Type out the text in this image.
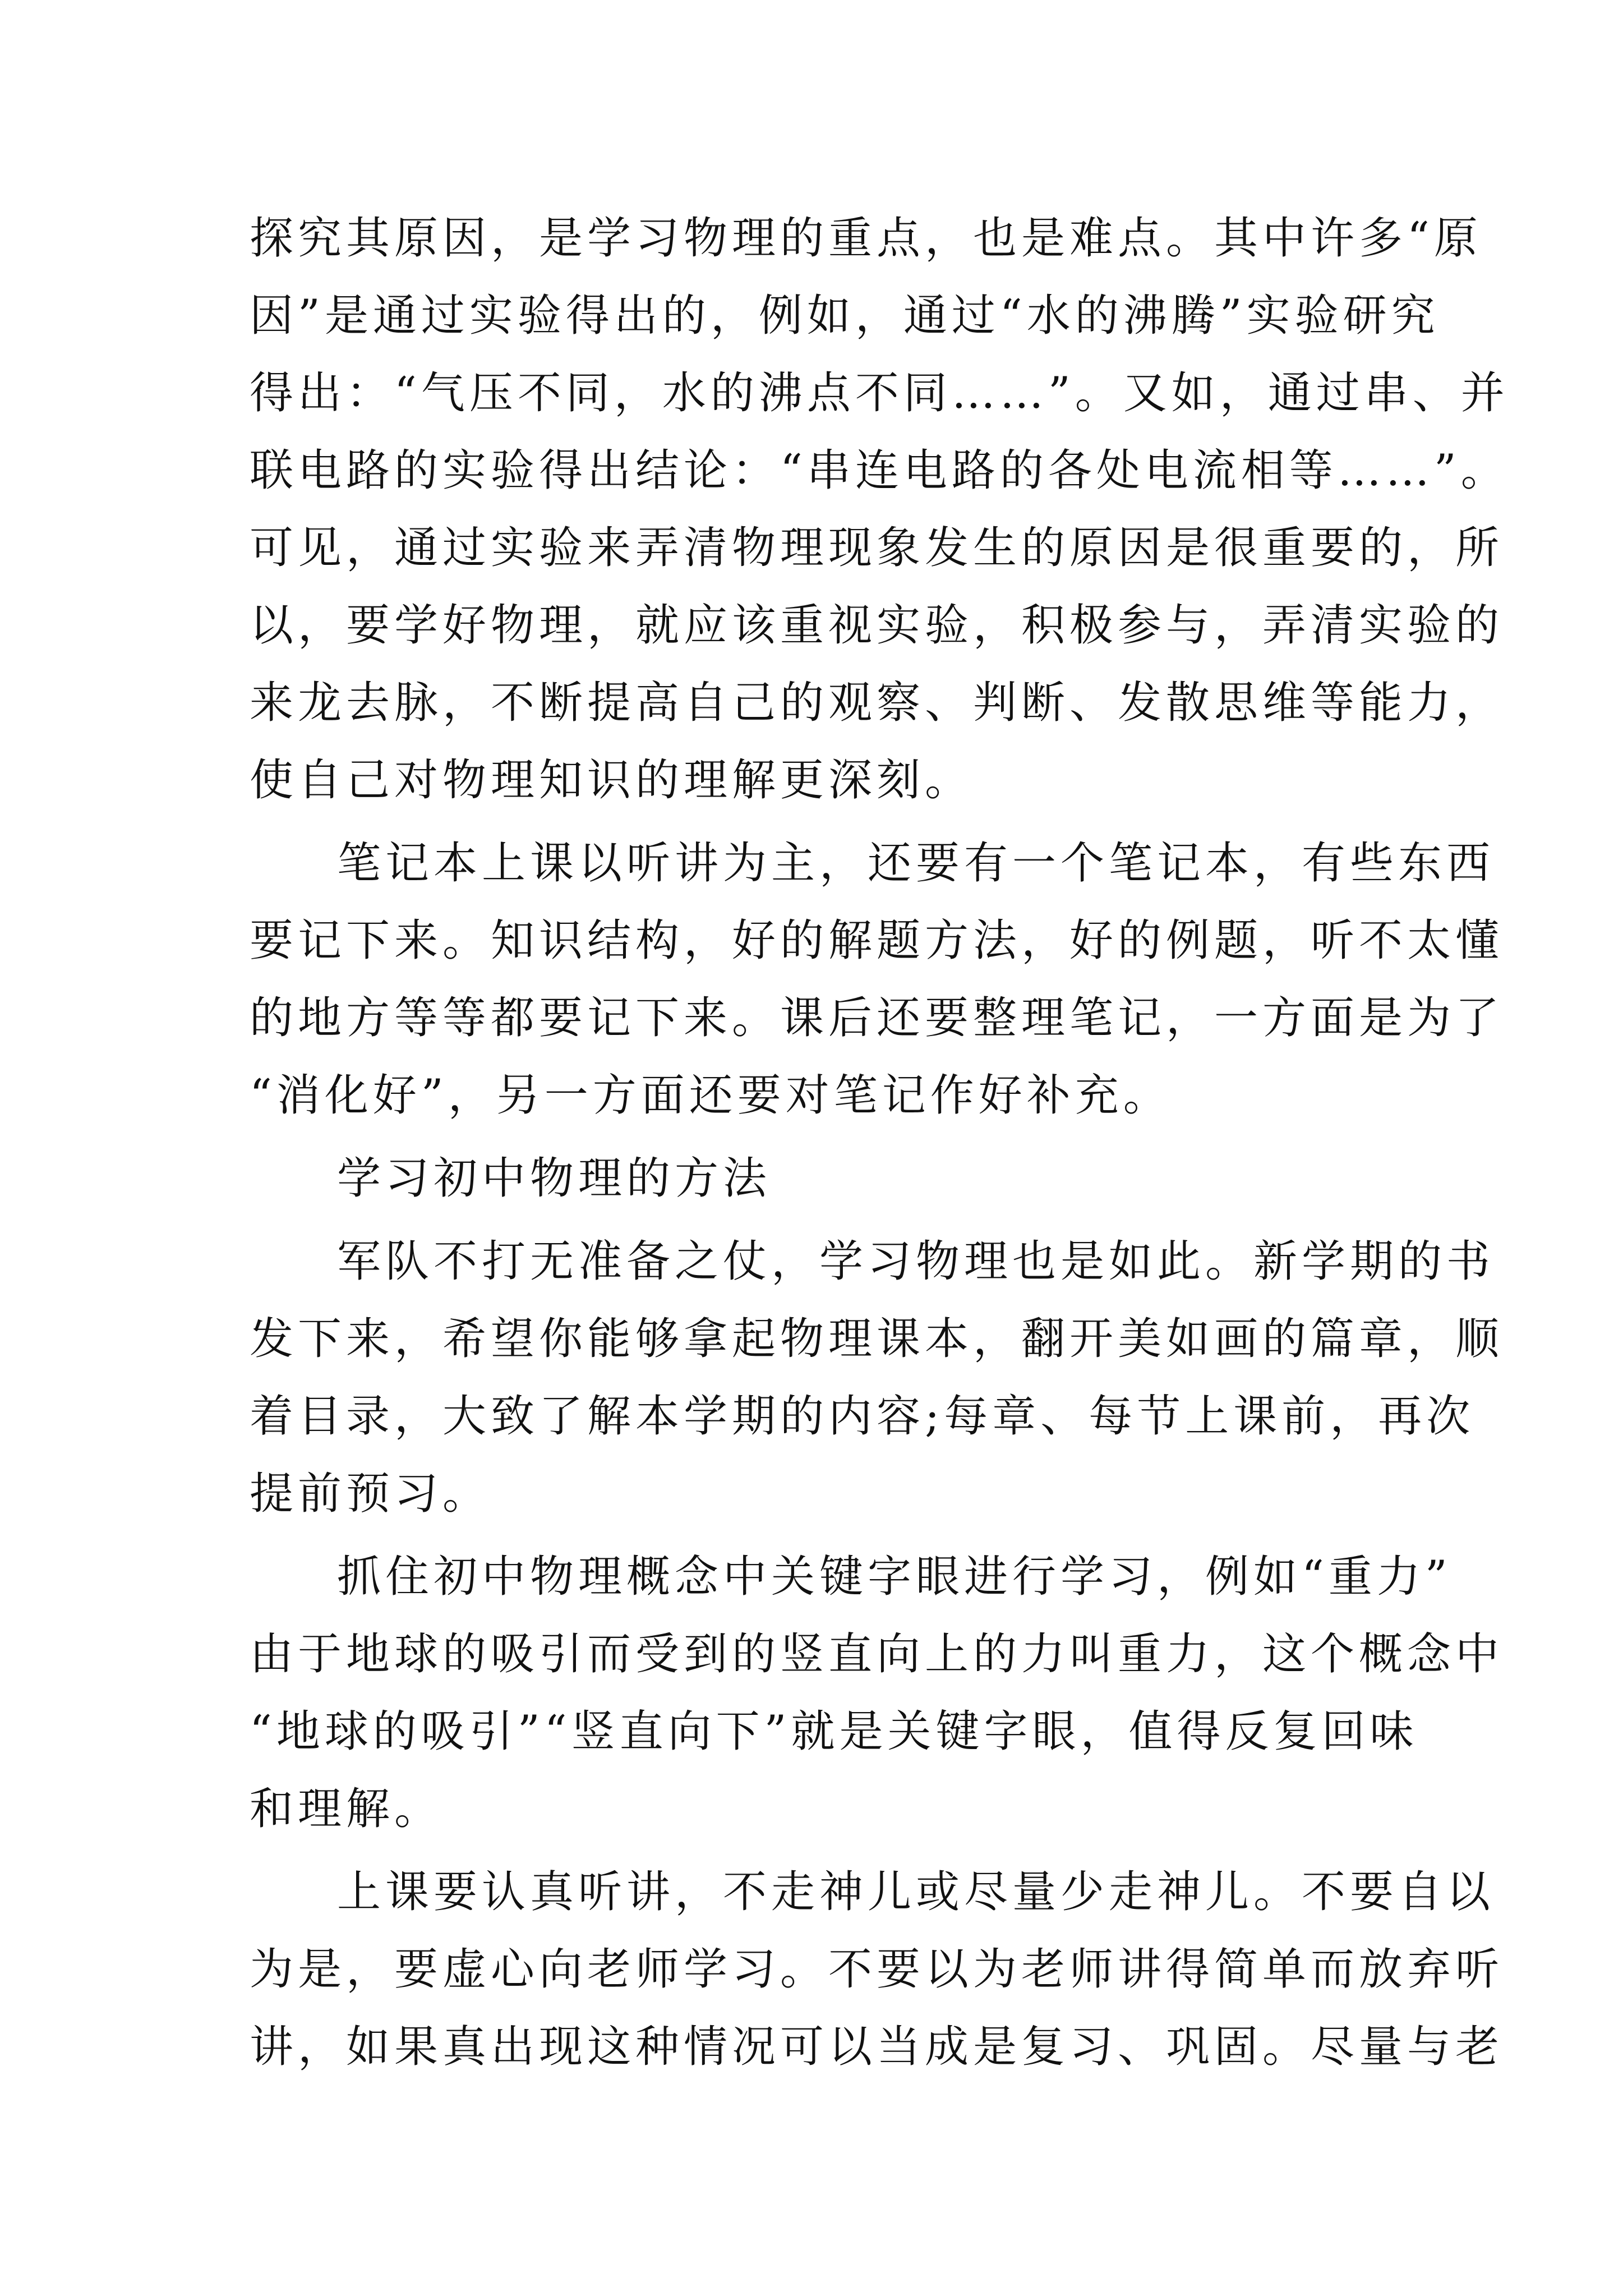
探究其原因，是学习物理的重点，也是难点。其中许多“原
因”是通过实验得出的，例如，通过“水的沸腾”实验研究
得出：“气压不同，水的沸点不同……”。又如，通过串、并
联电路的实验得出结论：“串连电路的各处电流相等……”。
可见，通过实验来弄清物理现象发生的原因是很重要的，所
以，要学好物理，就应该重视实验，积极参与，弄清实验的
来龙去脉，不断提高自己的观察、判断、发散思维等能力，
使自己对物理知识的理解更深刻。
笔记本上课以听讲为主，还要有一个笔记本，有些东西
要记下来。知识结构，好的解题方法，好的例题，听不太懂
的地方等等都要记下来。课后还要整理笔记，一方面是为了
“消化好”，另一方面还要对笔记作好补充。
学习初中物理的方法
军队不打无准备之仗，学习物理也是如此。新学期的书
发下来，希望你能够拿起物理课本，翻开美如画的篇章，顺
着目录，大致了解本学期的内容;每章、每节上课前，再次
提前预习。
抓住初中物理概念中关键字眼进行学习，例如“重力”
由于地球的吸引而受到的竖直向上的力叫重力，这个概念中
“地球的吸引”“竖直向下”就是关键字眼，值得反复回味
和理解。
上课要认真听讲，不走神儿或尽量少走神儿。不要自以
为是，要虚心向老师学习。不要以为老师讲得简单而放弃听
讲，如果真出现这种情况可以当成是复习、巩固。尽量与老
